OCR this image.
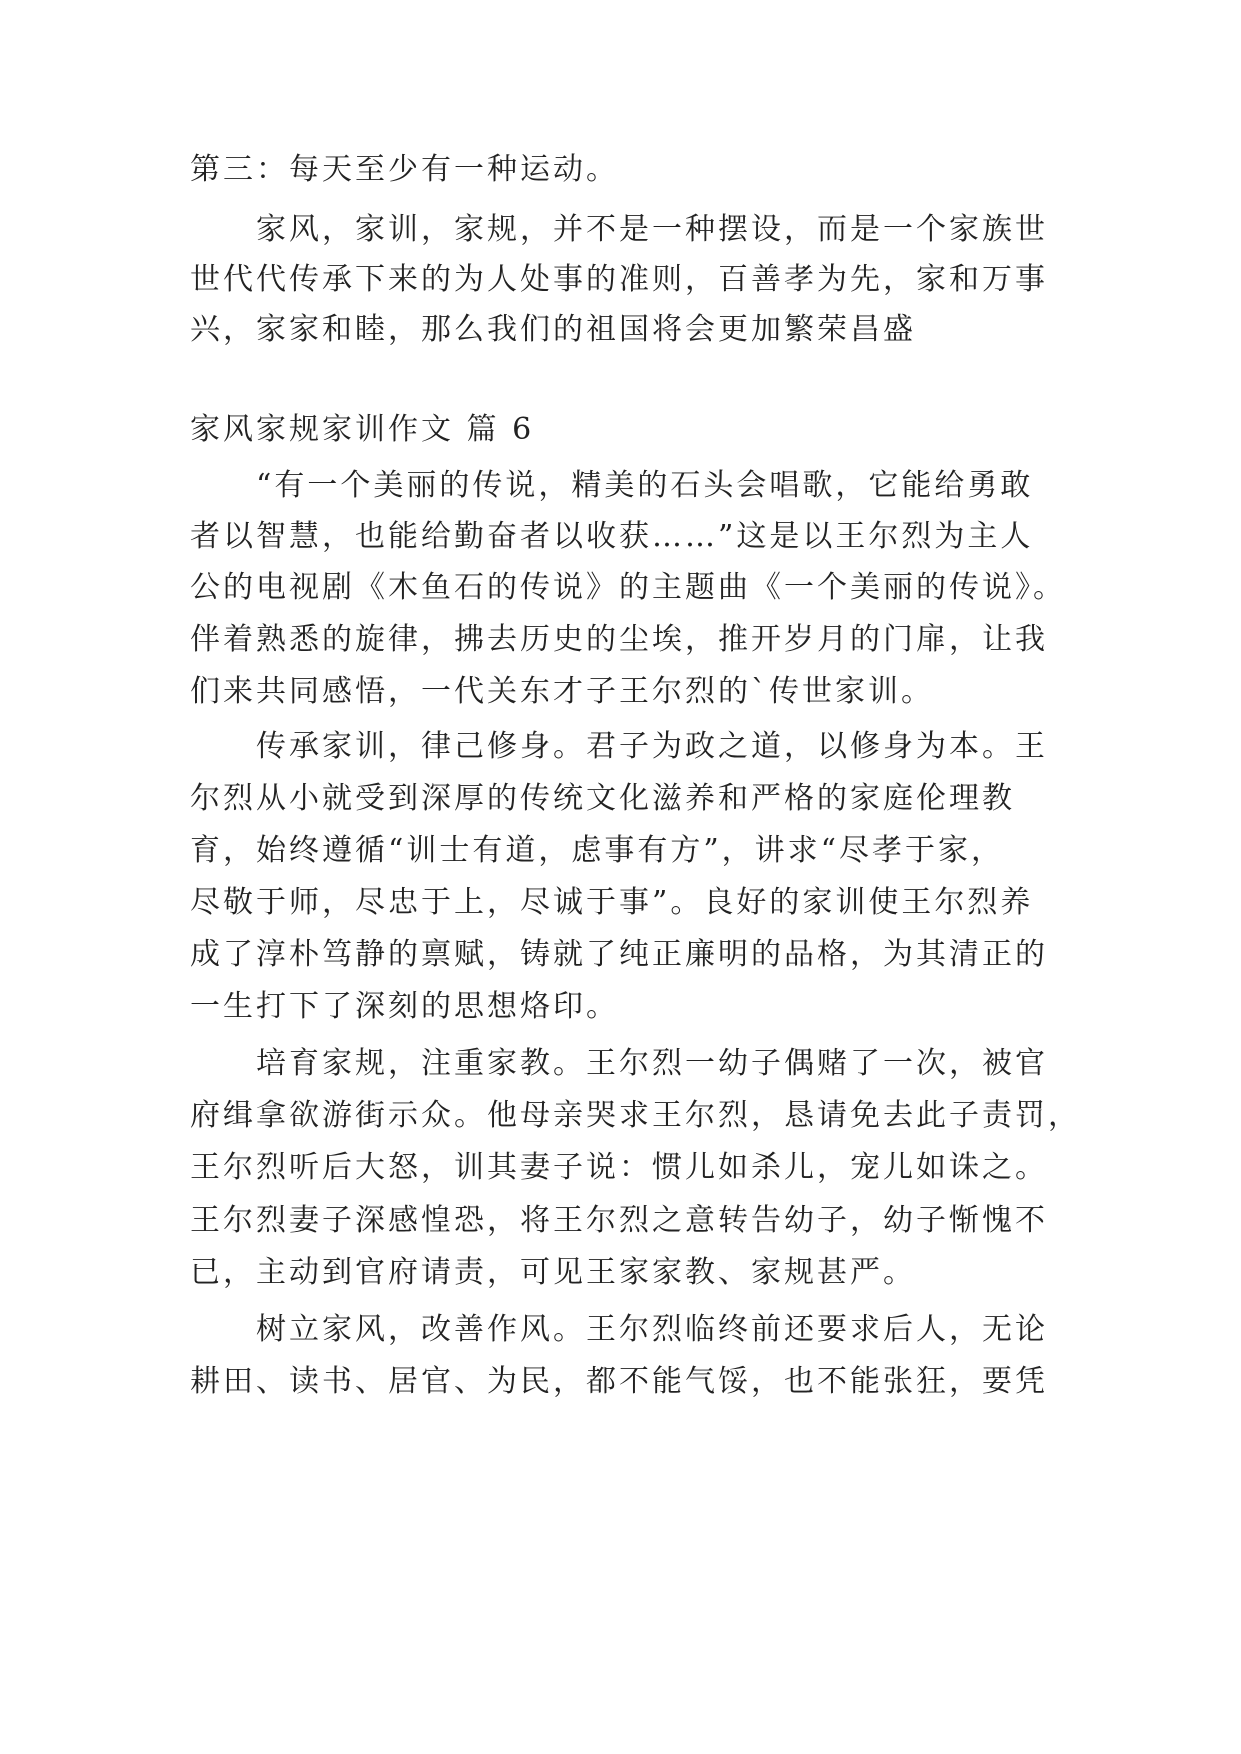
第三：每天至少有一种运动。
家风，家训，家规，并不是一种摆设，而是一个家族世
世代代传承下来的为人处事的准则，百善孝为先，家和万事
兴，家家和睦，那么我们的祖国将会更加繁荣昌盛
家风家规家训作文 篇 6
“有一个美丽的传说，精美的石头会唱歌，它能给勇敢
者以智慧，也能给勤奋者以收获……”这是以王尔烈为主人
公的电视剧《木鱼石的传说》的主题曲《一个美丽的传说》。
伴着熟悉的旋律，拂去历史的尘埃，推开岁月的门扉，让我
们来共同感悟，一代关东才子王尔烈的`传世家训。
传承家训，律己修身。君子为政之道，以修身为本。王
尔烈从小就受到深厚的传统文化滋养和严格的家庭伦理教
育，始终遵循“训士有道，虑事有方”，讲求“尽孝于家，
尽敬于师，尽忠于上，尽诚于事”。良好的家训使王尔烈养
成了淳朴笃静的禀赋，铸就了纯正廉明的品格，为其清正的
一生打下了深刻的思想烙印。
培育家规，注重家教。王尔烈一幼子偶赌了一次，被官
府缉拿欲游街示众。他母亲哭求王尔烈，恳请免去此子责罚，
王尔烈听后大怒，训其妻子说：惯儿如杀儿，宠儿如诛之。
王尔烈妻子深感惶恐，将王尔烈之意转告幼子，幼子惭愧不
已，主动到官府请责，可见王家家教、家规甚严。
树立家风，改善作风。王尔烈临终前还要求后人，无论
耕田、读书、居官、为民，都不能气馁，也不能张狂，要凭
